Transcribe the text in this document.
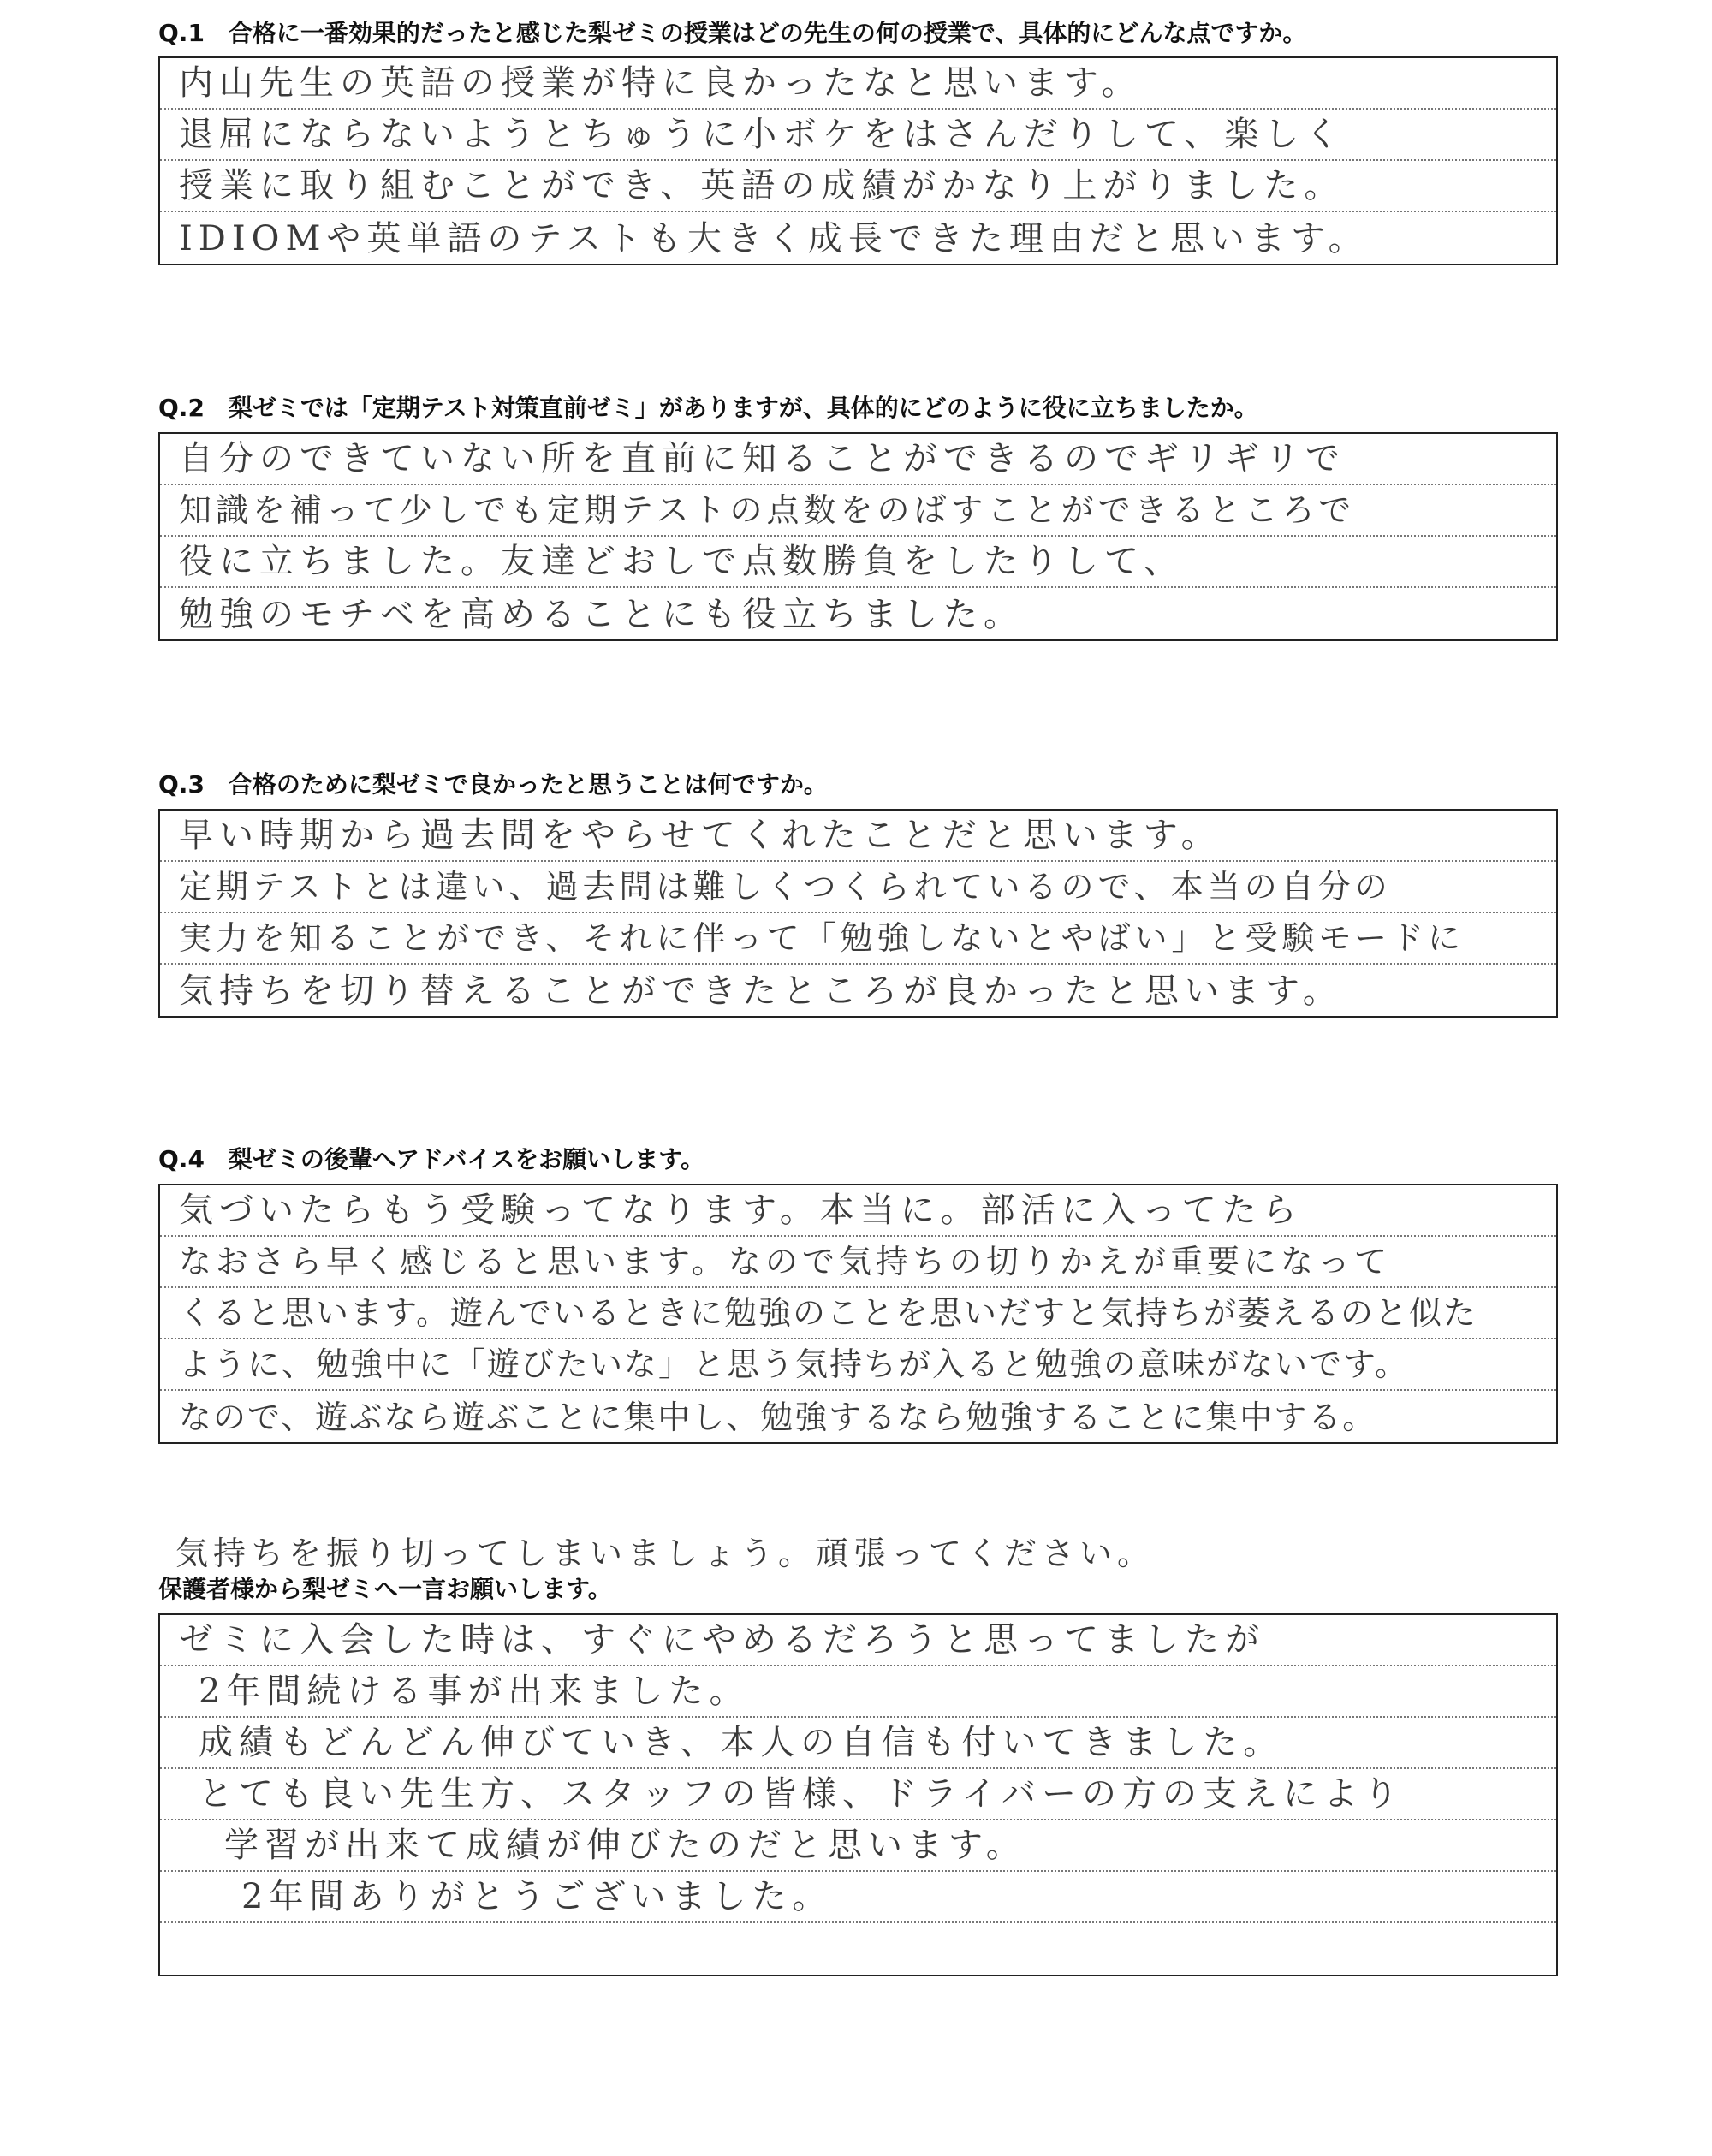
Q.1　合格に一番効果的だったと感じた梨ゼミの授業はどの先生の何の授業で、具体的にどんな点ですか。
内山先生の英語の授業が特に良かったなと思います。
退屈にならないようとちゅうに小ボケをはさんだりして、楽しく
授業に取り組むことができ、英語の成績がかなり上がりました。
IDIOMや英単語のテストも大きく成長できた理由だと思います。
Q.2　梨ゼミでは「定期テスト対策直前ゼミ」がありますが、具体的にどのように役に立ちましたか。
自分のできていない所を直前に知ることができるのでギリギリで
知識を補って少しでも定期テストの点数をのばすことができるところで
役に立ちました。友達どおしで点数勝負をしたりして、
勉強のモチベを高めることにも役立ちました。
Q.3　合格のために梨ゼミで良かったと思うことは何ですか。
早い時期から過去問をやらせてくれたことだと思います。
定期テストとは違い、過去問は難しくつくられているので、本当の自分の
実力を知ることができ、それに伴って「勉強しないとやばい」と受験モードに
気持ちを切り替えることができたところが良かったと思います。
Q.4　梨ゼミの後輩へアドバイスをお願いします。
気づいたらもう受験ってなります。本当に。部活に入ってたら
なおさら早く感じると思います。なので気持ちの切りかえが重要になって
くると思います。遊んでいるときに勉強のことを思いだすと気持ちが萎えるのと似た
ように、勉強中に「遊びたいな」と思う気持ちが入ると勉強の意味がないです。
なので、遊ぶなら遊ぶことに集中し、勉強するなら勉強することに集中する。
気持ちを振り切ってしまいましょう。頑張ってください。
保護者様から梨ゼミへ一言お願いします。
ゼミに入会した時は、すぐにやめるだろうと思ってましたが
2年間続ける事が出来ました。
成績もどんどん伸びていき、本人の自信も付いてきました。
とても良い先生方、スタッフの皆様、ドライバーの方の支えにより
学習が出来て成績が伸びたのだと思います。
2年間ありがとうございました。
